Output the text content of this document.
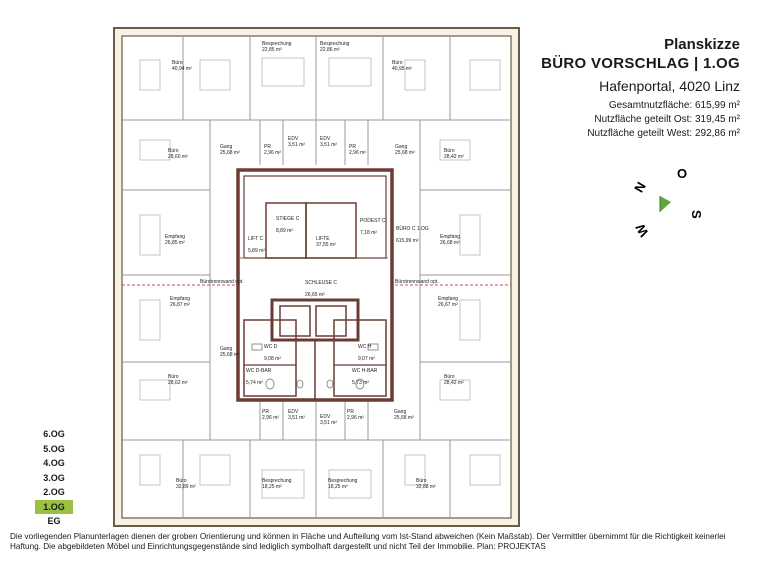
N
O
S
W
Büro
40,94 m²
Besprechung
22,85 m²
Besprechung
22,86 m²
Büro
40,95 m²
Büro
28,60 m²
Gang
25,68 m²
PR
2,96 m²
EDV
3,51 m²
EDV
3,51 m² PR
2,96 m²
Gang
25,68 m²	Büro
28,42 m²
Empfang
26,85 m²
Empfang
26,68 m²
Empfang
26,87 m²
Empfang
26,67 m²
Gang
25,68 m²
Büro
28,62 m²
Büro
28,42 m²
PR
2,96 m²
EDV
3,51 m²	EDV
3,51 m²
PR
2,96 m²
Gang
25,68 m²
Büro
32,89 m²
Besprechung
18,25 m²
Besprechung
18,25 m²
Büro
32,88 m²
STIEGE C
8,89 m²
LIFT C
5,89 m²
LIFTE
37,55 m²
PODEST C
7,18 m²
BÜRO C 1.OG
615,99 m²
SCHLEUSE C
26,65 m²
WC D
9,08 m²
WC H
9,07 m²
WC D-BAR
5,74 m²
WC H-BAR
5,73 m²
Bürotrennwand opt.	Bürotrennwand opt.
Planskizze
BÜRO VORSCHLAG | 1.OG
Hafenportal, 4020 Linz
Gesamtnutzfläche: 615,99 m²
Nutzfläche geteilt Ost: 319,45 m²
Nutzfläche geteilt West: 292,86 m²
6.OG
5.OG
4.OG
3.OG
2.OG
1.OG
EG
Die vorliegenden Planunterlagen dienen der groben Orientierung und können in Fläche und Aufteilung vom Ist-Stand abweichen (Kein Maßstab). Der Vermittler übernimmt für die Richtigkeit keinerlei Haftung. Die abgebildeten Möbel und Einrichtungsgegenstände sind lediglich symbolhaft dargestellt und nicht Teil der Immobilie. Plan: PROJEKTAS
